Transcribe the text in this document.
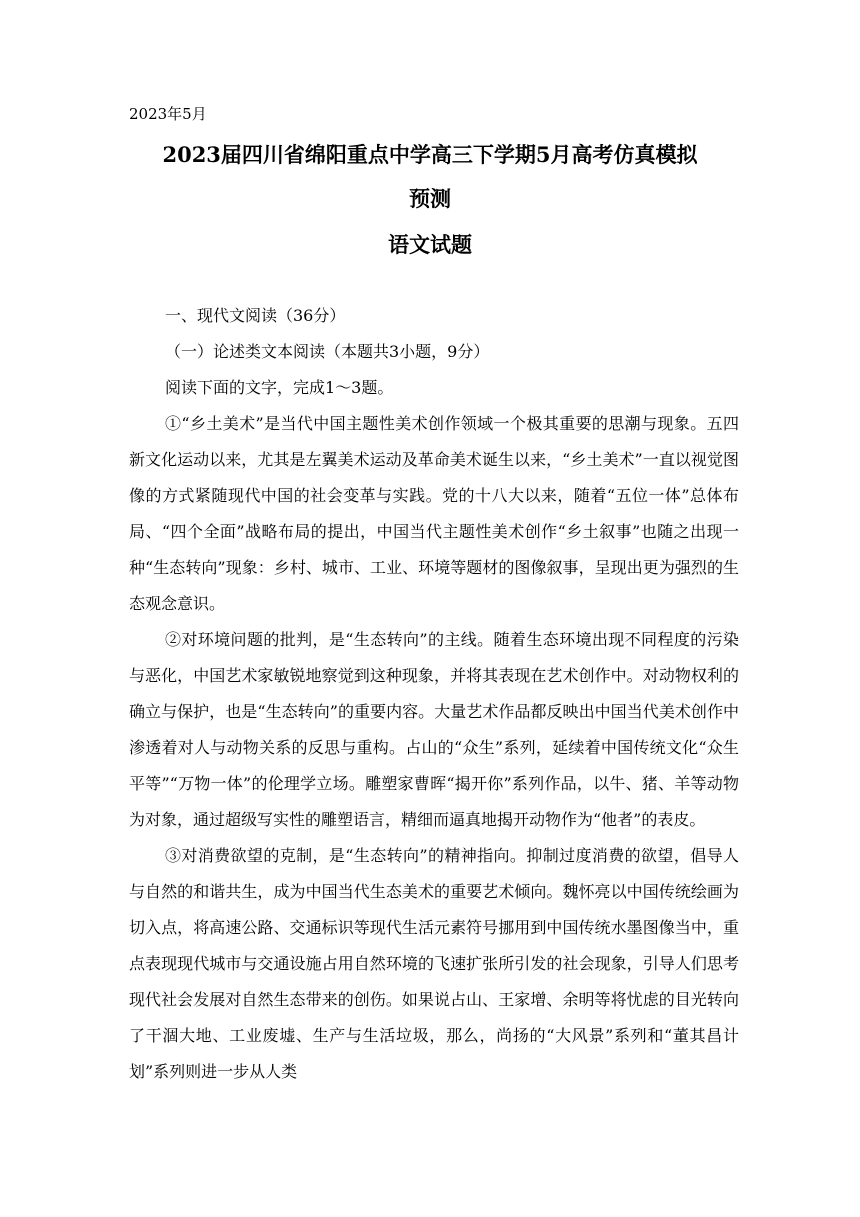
2023年5月
2023届四川省绵阳重点中学高三下学期5月高考仿真模拟
预测
语文试题

一、现代文阅读（36分）

（一）论述类文本阅读（本题共3小题，9分）

阅读下面的文字，完成1～3题。

①“乡土美术”是当代中国主题性美术创作领域一个极其重要的思潮与现象。五四新文化运动以来，尤其是左翼美术运动及革命美术诞生以来，“乡土美术”一直以视觉图像的方式紧随现代中国的社会变革与实践。党的十八大以来，随着“五位一体”总体布局、“四个全面”战略布局的提出，中国当代主题性美术创作“乡土叙事”也随之出现一种“生态转向”现象：乡村、城市、工业、环境等题材的图像叙事，呈现出更为强烈的生态观念意识。

②对环境问题的批判，是“生态转向”的主线。随着生态环境出现不同程度的污染与恶化，中国艺术家敏锐地察觉到这种现象，并将其表现在艺术创作中。对动物权利的确立与保护，也是“生态转向”的重要内容。大量艺术作品都反映出中国当代美术创作中渗透着对人与动物关系的反思与重构。占山的“众生”系列，延续着中国传统文化“众生平等”“万物一体”的伦理学立场。雕塑家曹晖“揭开你”系列作品，以牛、猪、羊等动物为对象，通过超级写实性的雕塑语言，精细而逼真地揭开动物作为“他者”的表皮。

③对消费欲望的克制，是“生态转向”的精神指向。抑制过度消费的欲望，倡导人与自然的和谐共生，成为中国当代生态美术的重要艺术倾向。魏怀亮以中国传统绘画为切入点，将高速公路、交通标识等现代生活元素符号挪用到中国传统水墨图像当中，重点表现现代城市与交通设施占用自然环境的飞速扩张所引发的社会现象，引导人们思考现代社会发展对自然生态带来的创伤。如果说占山、王家增、余明等将忧虑的目光转向了干涸大地、工业废墟、生产与生活垃圾，那么，尚扬的“大风景”系列和“董其昌计划”系列则进一步从人类
